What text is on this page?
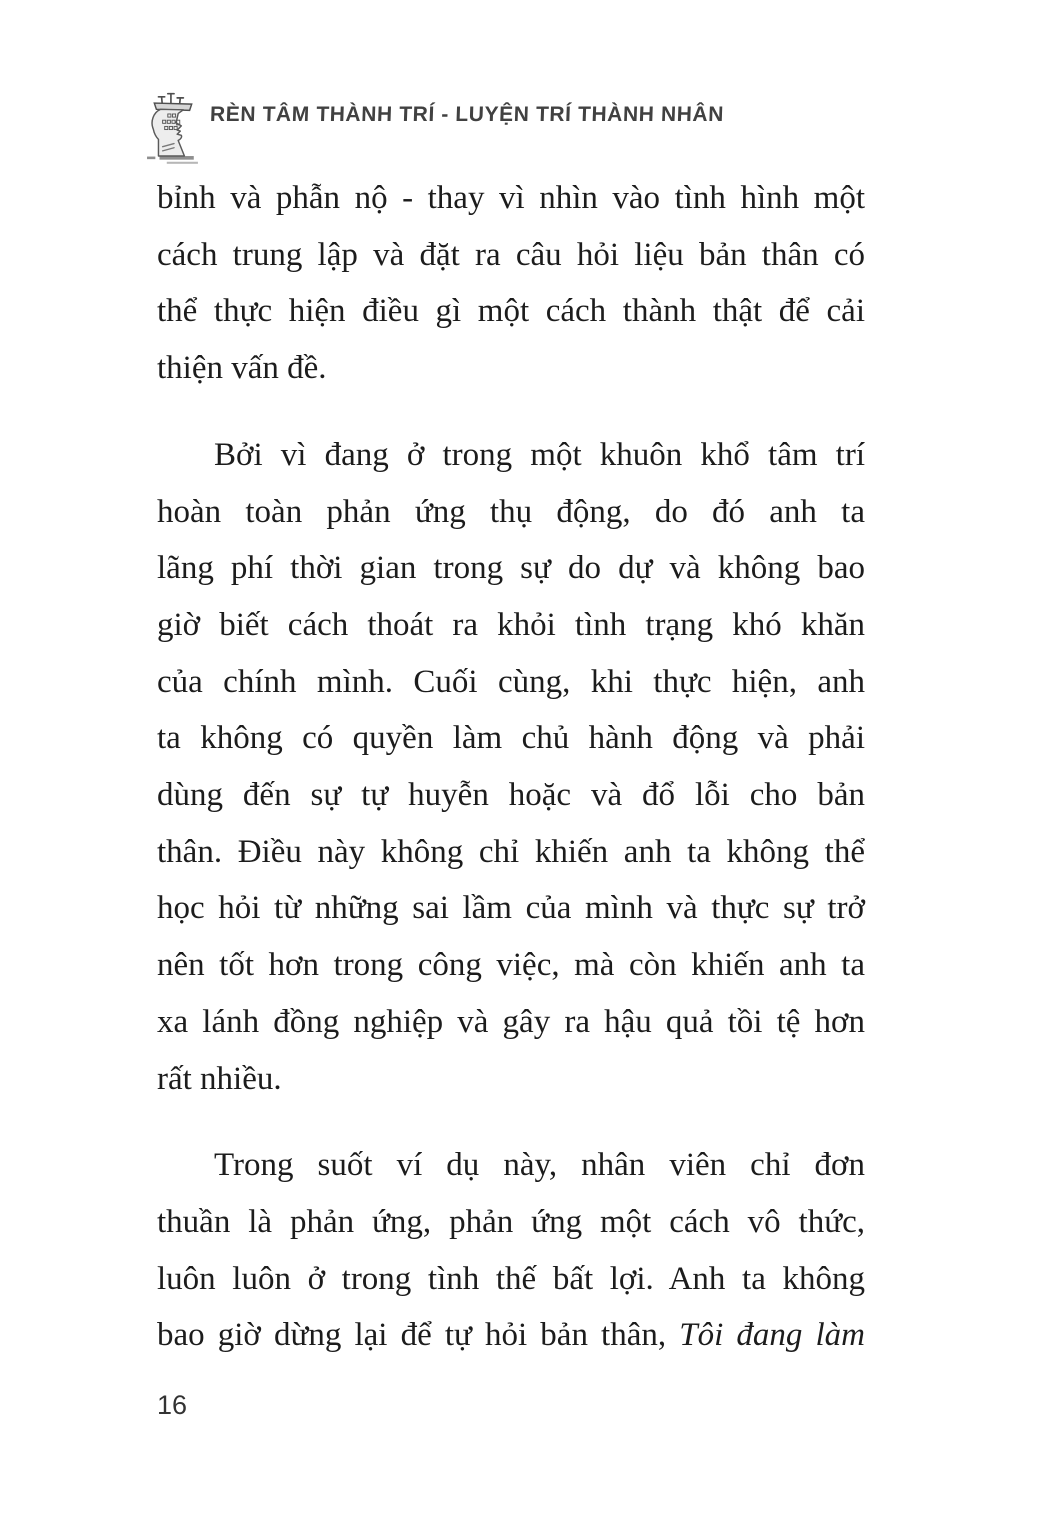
RÈN TÂM THÀNH TRÍ - LUYỆN TRÍ THÀNH NHÂN
bỉnh và phẫn nộ - thay vì nhìn vào tình hình một
cách trung lập và đặt ra câu hỏi liệu bản thân có
thể thực hiện điều gì một cách thành thật để cải
thiện vấn đề.
Bởi vì đang ở trong một khuôn khổ tâm trí
hoàn toàn phản ứng thụ động, do đó anh ta
lãng phí thời gian trong sự do dự và không bao
giờ biết cách thoát ra khỏi tình trạng khó khăn
của chính mình. Cuối cùng, khi thực hiện, anh
ta không có quyền làm chủ hành động và phải
dùng đến sự tự huyễn hoặc và đổ lỗi cho bản
thân. Điều này không chỉ khiến anh ta không thể
học hỏi từ những sai lầm của mình và thực sự trở
nên tốt hơn trong công việc, mà còn khiến anh ta
xa lánh đồng nghiệp và gây ra hậu quả tồi tệ hơn
rất nhiều.
Trong suốt ví dụ này, nhân viên chỉ đơn
thuần là phản ứng, phản ứng một cách vô thức,
luôn luôn ở trong tình thế bất lợi. Anh ta không
bao giờ dừng lại để tự hỏi bản thân, Tôi đang làm
16
